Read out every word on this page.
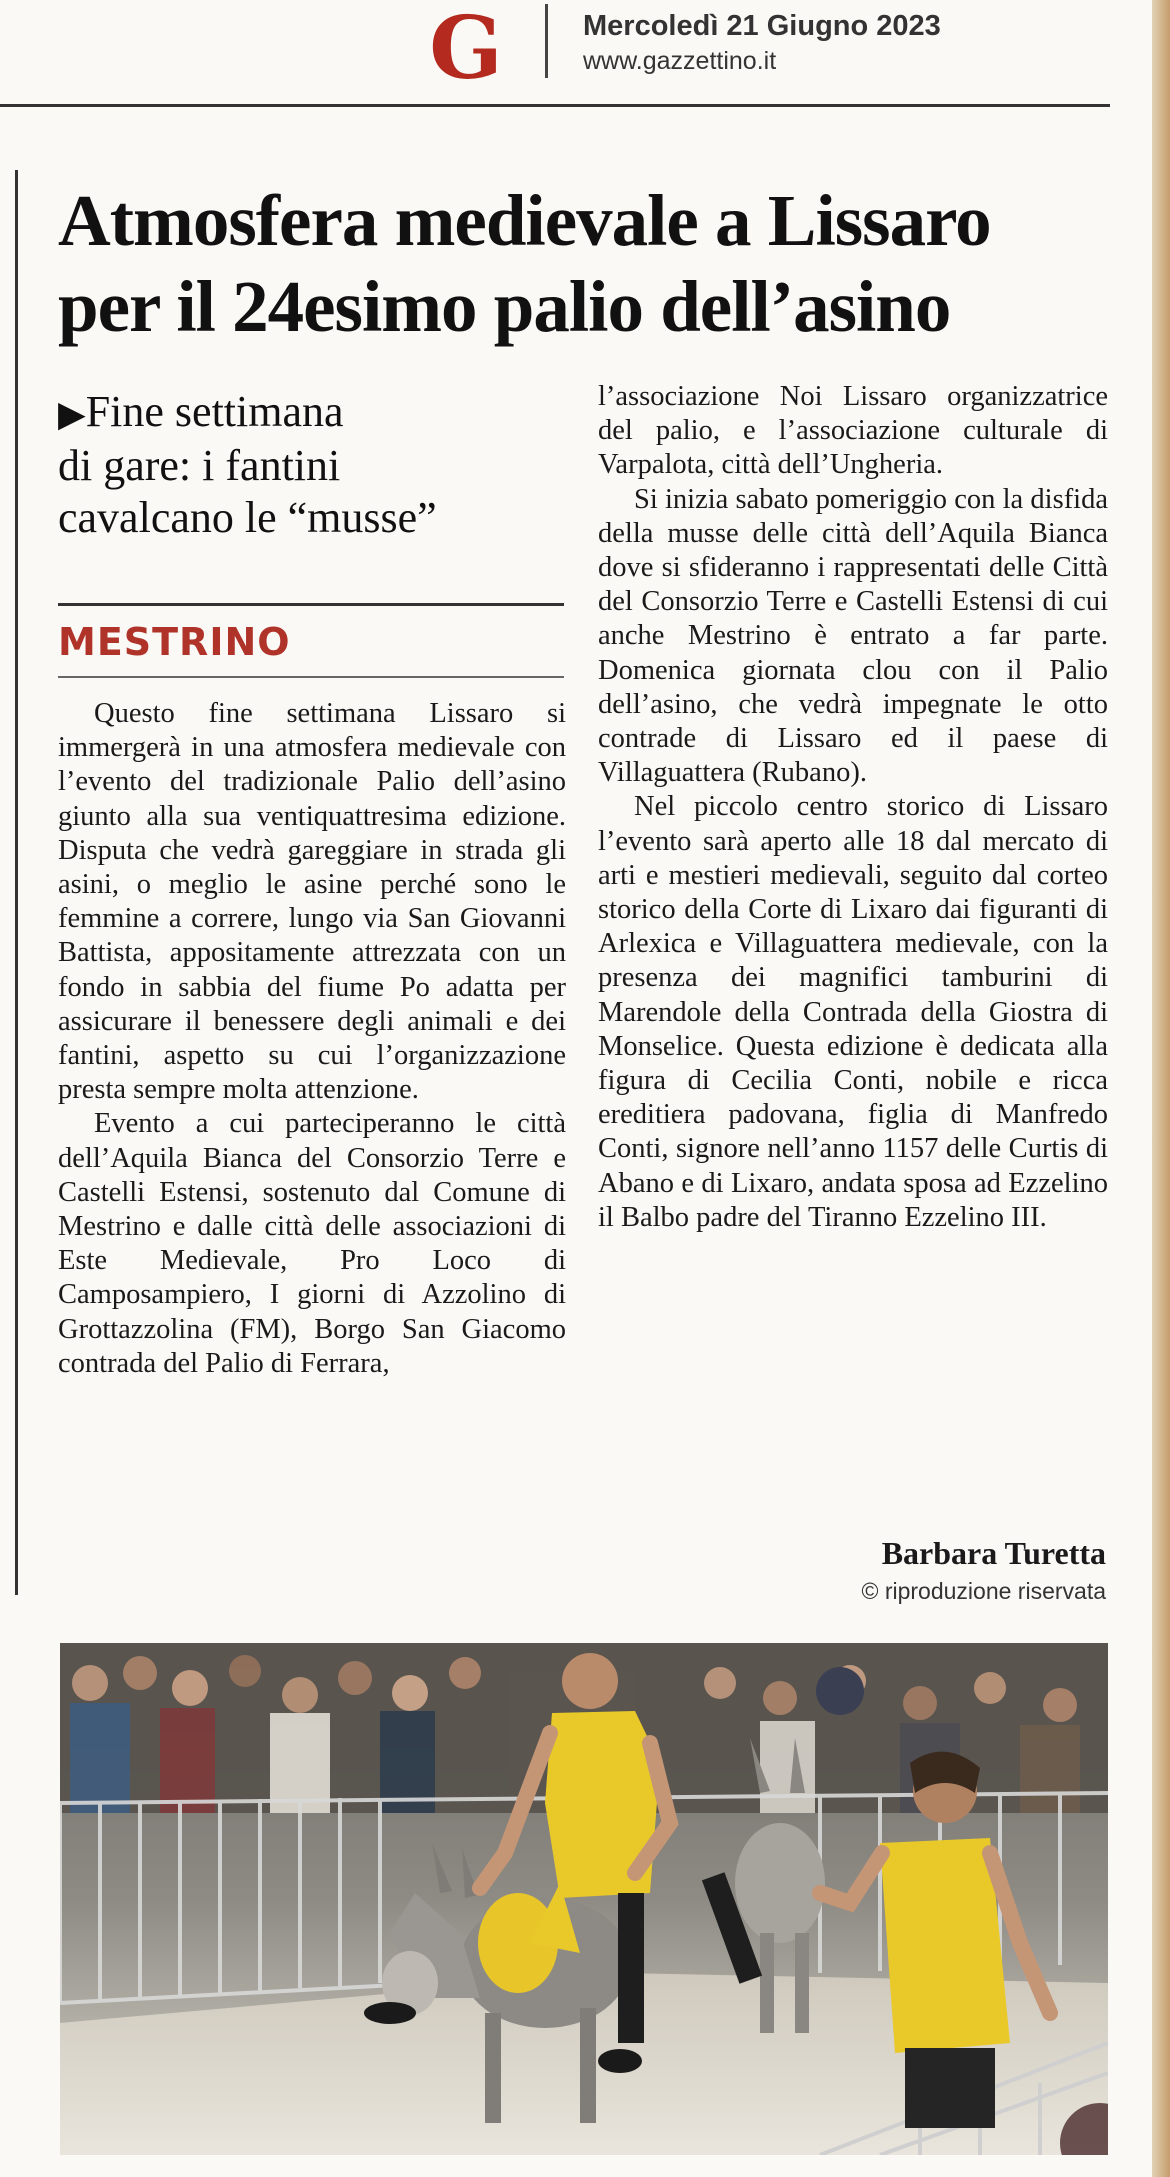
G	Mercoledì 21 Giugno 2023
www.gazzettino.it
Atmosfera medievale a Lissaro
per il 24esimo palio dell’asino

▶Fine settimana
di gare: i fantini
cavalcano le “musse”

MESTRINO

Questo fine settimana Lissaro si immergerà in una atmosfera medievale con l’evento del tradizionale Palio dell’asino giunto alla sua ventiquattresima edizione. Disputa che vedrà gareggiare in strada gli asini, o meglio le asine perché sono le femmine a correre, lungo via San Giovanni Battista, appositamente attrezzata con un fondo in sabbia del fiume Po adatta per assicurare il benessere degli animali e dei fantini, aspetto su cui l’organizzazione presta sempre molta attenzione.

Evento a cui parteciperanno le città dell’Aquila Bianca del Consorzio Terre e Castelli Estensi, sostenuto dal Comune di Mestrino e dalle città delle associazioni di Este Medievale, Pro Loco di Camposampiero, I giorni di Azzolino di Grottazzolina (FM), Borgo San Giacomo contrada del Palio di Ferrara,

l’associazione Noi Lissaro organizzatrice del palio, e l’associazione culturale di Varpalota, città dell’Ungheria.

Si inizia sabato pomeriggio con la disfida della musse delle città dell’Aquila Bianca dove si sfideranno i rappresentati delle Città del Consorzio Terre e Castelli Estensi di cui anche Mestrino è entrato a far parte. Domenica giornata clou con il Palio dell’asino, che vedrà impegnate le otto contrade di Lissaro ed il paese di Villaguattera (Rubano).

Nel piccolo centro storico di Lissaro l’evento sarà aperto alle 18 dal mercato di arti e mestieri medievali, seguito dal corteo storico della Corte di Lixaro dai figuranti di Arlexica e Villaguattera medievale, con la presenza dei magnifici tamburini di Marendole della Contrada della Giostra di Monselice. Questa edizione è dedicata alla figura di Cecilia Conti, nobile e ricca ereditiera padovana, figlia di Manfredo Conti, signore nell’anno 1157 delle Curtis di Abano e di Lixaro, andata sposa ad Ezzelino il Balbo padre del Tiranno Ezzelino III.

Barbara Turetta
© riproduzione riservata
